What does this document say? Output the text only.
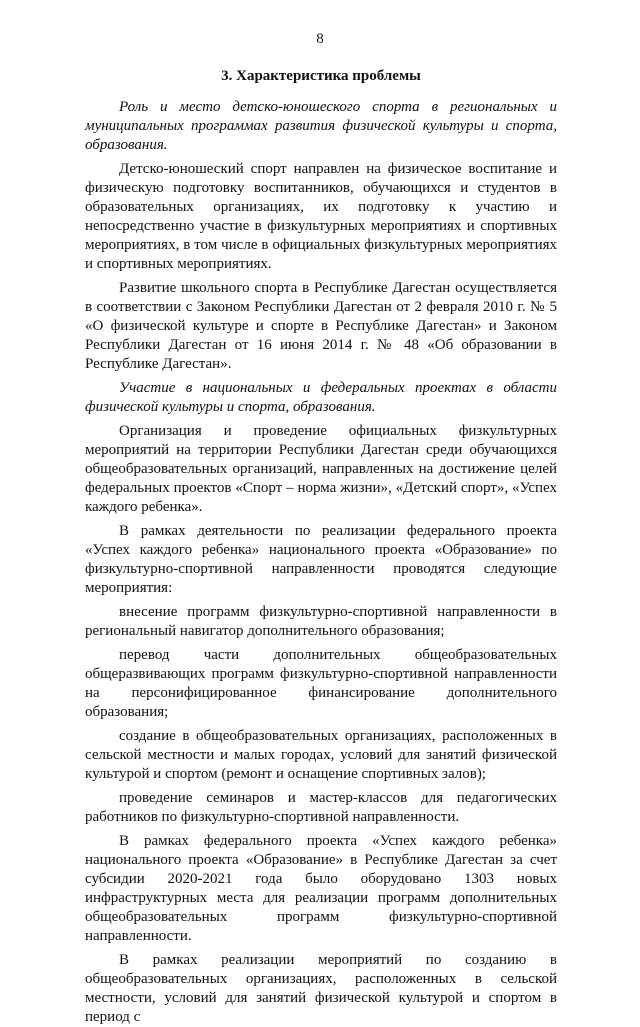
8
3. Характеристика проблемы

Роль и место детско-юношеского спорта в региональных и муниципальных программах развития физической культуры и спорта, образования.

Детско-юношеский спорт направлен на физическое воспитание и физическую подготовку воспитанников, обучающихся и студентов в образовательных организациях, их подготовку к участию и непосредственно участие в физкультурных мероприятиях и спортивных мероприятиях, в том числе в официальных физкультурных мероприятиях и спортивных мероприятиях.

Развитие школьного спорта в Республике Дагестан осуществляется в соответствии с Законом Республики Дагестан от 2 февраля 2010 г. № 5 «О физической культуре и спорте в Республике Дагестан» и Законом Республики Дагестан от 16 июня 2014 г. № 48 «Об образовании в Республике Дагестан».

Участие в национальных и федеральных проектах в области физической культуры и спорта, образования.

Организация и проведение официальных физкультурных мероприятий на территории Республики Дагестан среди обучающихся общеобразовательных организаций, направленных на достижение целей федеральных проектов «Спорт – норма жизни», «Детский спорт», «Успех каждого ребенка».

В рамках деятельности по реализации федерального проекта «Успех каждого ребенка» национального проекта «Образование» по физкультурно-спортивной направленности проводятся следующие мероприятия:

внесение программ физкультурно-спортивной направленности в региональный навигатор дополнительного образования;

перевод части дополнительных общеобразовательных общеразвивающих программ физкультурно-спортивной направленности на персонифицированное финансирование дополнительного образования;

создание в общеобразовательных организациях, расположенных в сельской местности и малых городах, условий для занятий физической культурой и спортом (ремонт и оснащение спортивных залов);

проведение семинаров и мастер-классов для педагогических работников по физкультурно-спортивной направленности.

В рамках федерального проекта «Успех каждого ребенка» национального проекта «Образование» в Республике Дагестан за счет субсидии 2020-2021 года было оборудовано 1303 новых инфраструктурных места для реализации программ дополнительных общеобразовательных программ физкультурно-спортивной направленности.

В рамках реализации мероприятий по созданию в общеобразовательных организациях, расположенных в сельской местности, условий для занятий физической культурой и спортом в период с
